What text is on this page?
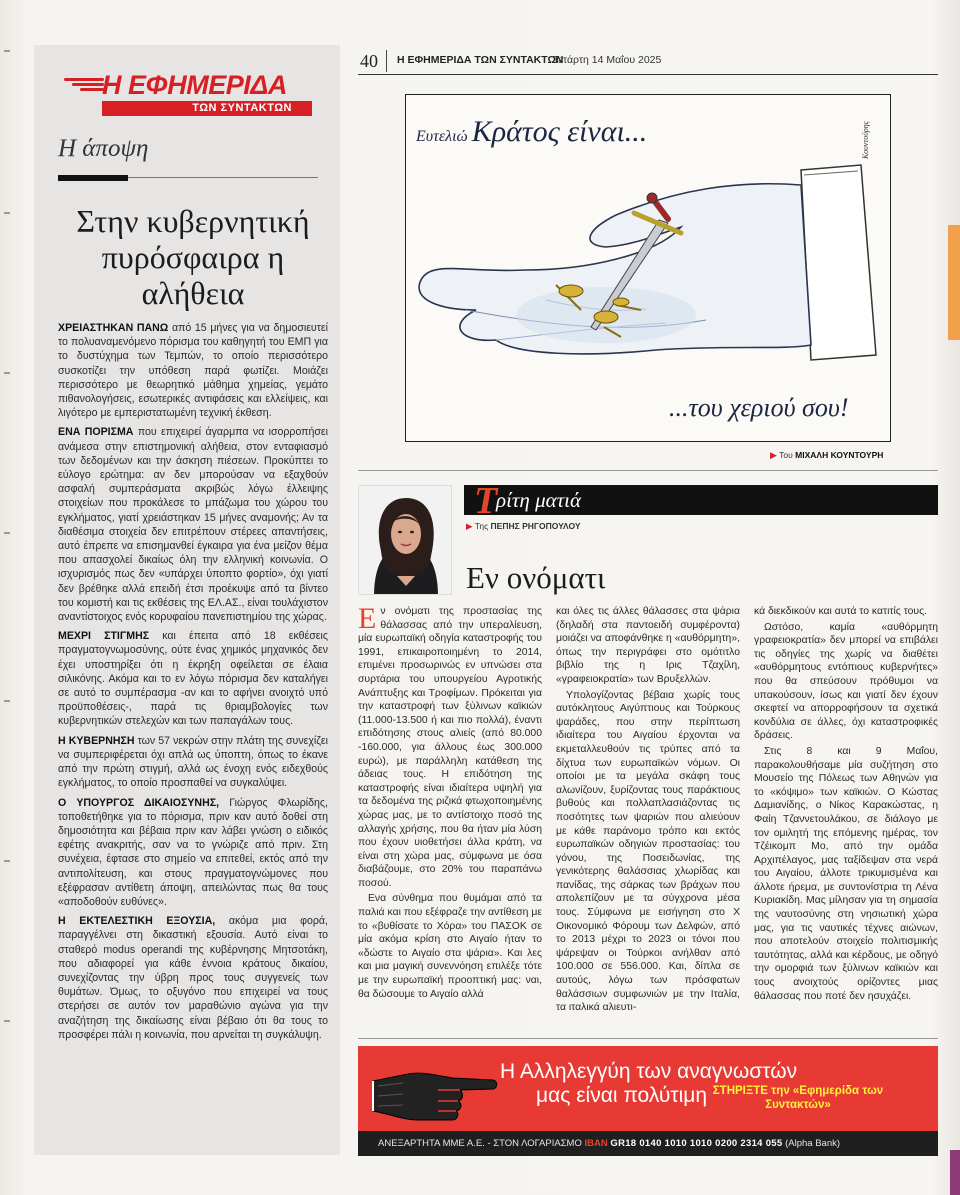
Η ΕΦΗΜΕΡΙΔΑ
ΤΩΝ ΣΥΝΤΑΚΤΩΝ
Η άποψη
Στην κυβερνητική πυρόσφαιρα η αλήθεια

ΧΡΕΙΑΣΤΗΚΑΝ ΠΑΝΩ από 15 μήνες για να δημοσιευτεί το πολυαναμενόμενο πόρισμα του καθηγητή του ΕΜΠ για το δυστύχημα των Τεμπών, το οποίο περισσότερο συσκοτίζει την υπόθεση παρά φωτίζει. Μοιάζει περισσότερο με θεωρητικό μάθημα χημείας, γεμάτο πιθανολογήσεις, εσωτερικές αντιφάσεις και ελλείψεις, και λιγότερο με εμπεριστατωμένη τεχνική έκθεση.

ΕΝΑ ΠΟΡΙΣΜΑ που επιχειρεί άγαρμπα να ισορροπήσει ανάμεσα στην επιστημονική αλήθεια, στον ενταφιασμό των δεδομένων και την άσκηση πιέσεων. Προκύπτει το εύλογο ερώτημα: αν δεν μπορούσαν να εξαχθούν ασφαλή συμπεράσματα ακριβώς λόγω έλλειψης στοιχείων που προκάλεσε το μπάζωμα του χώρου του εγκλήματος, γιατί χρειάστηκαν 15 μήνες αναμονής; Αν τα διαθέσιμα στοιχεία δεν επιτρέπουν στέρεες απαντήσεις, αυτό έπρεπε να επισημανθεί έγκαιρα για ένα μείζον θέμα που απασχολεί δικαίως όλη την ελληνική κοινωνία. Ο ισχυρισμός πως δεν «υπάρχει ύποπτο φορτίο», όχι γιατί δεν βρέθηκε αλλά επειδή έτσι προέκυψε από τα βίντεο του κομιστή και τις εκθέσεις της ΕΛ.ΑΣ., είναι τουλάχιστον αναντίστοιχος ενός κορυφαίου πανεπιστημίου της χώρας.

ΜΕΧΡΙ ΣΤΙΓΜΗΣ και έπειτα από 18 εκθέσεις πραγματογνωμοσύνης, ούτε ένας χημικός μηχανικός δεν έχει υποστηρίξει ότι η έκρηξη οφείλεται σε έλαια σιλικόνης. Ακόμα και το εν λόγω πόρισμα δεν καταλήγει σε αυτό το συμπέρασμα -αν και το αφήνει ανοιχτό υπό προϋποθέσεις-, παρά τις θριαμβολογίες των κυβερνητικών στελεχών και των παπαγάλων τους.

Η ΚΥΒΕΡΝΗΣΗ των 57 νεκρών στην πλάτη της συνεχίζει να συμπεριφέρεται όχι απλά ως ύποπτη, όπως το έκανε από την πρώτη στιγμή, αλλά ως ένοχη ενός ειδεχθούς εγκλήματος, το οποίο προσπαθεί να συγκαλύψει.

Ο ΥΠΟΥΡΓΟΣ ΔΙΚΑΙΟΣΥΝΗΣ, Γιώργος Φλωρίδης, τοποθετήθηκε για το πόρισμα, πριν καν αυτό δοθεί στη δημοσιότητα και βέβαια πριν καν λάβει γνώση ο ειδικός εφέτης ανακριτής, σαν να το γνώριζε από πριν. Στη συνέχεια, έφτασε στο σημείο να επιτεθεί, εκτός από την αντιπολίτευση, και στους πραγματογνώμονες που εξέφρασαν αντίθετη άποψη, απειλώντας πως θα τους «αποδοθούν ευθύνες».

Η ΕΚΤΕΛΕΣΤΙΚΗ ΕΞΟΥΣΙΑ, ακόμα μια φορά, παραγγέλνει στη δικαστική εξουσία. Αυτό είναι το σταθερό modus operandi της κυβέρνησης Μητσοτάκη, που αδιαφορεί για κάθε έννοια κράτους δικαίου, συνεχίζοντας την ύβρη προς τους συγγενείς των θυμάτων. Όμως, το οξυγόνο που επιχειρεί να τους στερήσει σε αυτόν τον μαραθώνιο αγώνα για την αναζήτηση της δικαίωσης είναι βέβαιο ότι θα τους το προσφέρει πάλι η κοινωνία, που αρνείται τη συγκάλυψη.

40 Η ΕΦΗΜΕΡΙΔΑ ΤΩΝ ΣΥΝΤΑΚΤΩΝ
Τετάρτη 14 Μαΐου 2025
Ευτελιώ Κράτος είναι...
...του χεριού σου!
Κουντούρης
▶ Του ΜΙΧΑΛΗ ΚΟΥΝΤΟΥΡΗ
Τ
ρίτη ματιά
▶ Της ΠΕΠΗΣ ΡΗΓΟΠΟΥΛΟΥ
Εν ονόματι

Εν ονόματι της προστασίας της θάλασσας από την υπεραλίευση, μία ευρωπαϊκή οδηγία καταστροφής του 1991, επικαιροποιημένη το 2014, επιμένει προσωρινώς εν υπνώσει στα συρτάρια του υπουργείου Αγροτικής Ανάπτυξης και Τροφίμων. Πρόκειται για την καταστροφή των ξύλινων καϊκιών (11.000-13.500 ή και πιο πολλά), έναντι επιδότησης στους αλιείς (από 80.000 -160.000, για άλλους έως 300.000 ευρώ), με παράλληλη κατάθεση της άδειας τους. Η επιδότηση της καταστροφής είναι ιδιαίτερα υψηλή για τα δεδομένα της ριζικά φτωχοποιημένης χώρας μας, με το αντίστοιχο ποσό της αλλαγής χρήσης, που θα ήταν μία λύση που έχουν υιοθετήσει άλλα κράτη, να είναι στη χώρα μας, σύμφωνα με όσα διαβάζουμε, στο 20% του παραπάνω ποσού.

Ενα σύνθημα που θυμάμαι από τα παλιά και που εξέφραζε την αντίθεση με το «βυθίσατε το Χόρα» του ΠΑΣΟΚ σε μία ακόμα κρίση στο Αιγαίο ήταν το «δώστε το Αιγαίο στα ψάρια». Και λες και μια μαγική συνεννόηση επιλέξε τότε με την ευρωπαϊκή προοπτική μας: ναι, θα δώσουμε το Αιγαίο αλλά

και όλες τις άλλες θάλασσες στα ψάρια (δηλαδή στα παντοειδή συμφέροντα) μοιάζει να αποφάνθηκε η «αυθόρμητη», όπως την περιγράφει στο ομότιτλο βιβλίο της η Ιρις Τζαχίλη, «γραφειοκρατία» των Βρυξελλών.

Υπολογίζοντας βέβαια χωρίς τους αυτόκλητους Αιγύπτιους και Τούρκους ψαράδες, που στην περίπτωση ιδιαίτερα του Αιγαίου έρχονται να εκμεταλλευθούν τις τρύπες από τα δίχτυα των ευρωπαϊκών νόμων. Οι οποίοι με τα μεγάλα σκάφη τους αλωνίζουν, ξυρίζοντας τους παράκτιους βυθούς και πολλαπλασιάζοντας τις ποσότητες των ψαριών που αλιεύουν με κάθε παράνομο τρόπο και εκτός ευρωπαϊκών οδηγιών προστασίας: του γόνου, της Ποσειδωνίας, της γενικότερης θαλάσσιας χλωρίδας και πανίδας, της σάρκας των βράχων που απολεπίζουν με τα σύγχρονα μέσα τους. Σύμφωνα με εισήγηση στο Χ Οικονομικό Φόρουμ των Δελφών, από το 2013 μέχρι το 2023 οι τόνοι που ψάρεψαν οι Τούρκοι ανήλθαν από 100.000 σε 556.000. Και, δίπλα σε αυτούς, λόγω των πρόσφατων θαλάσσιων συμφωνιών με την Ιταλία, τα ιταλικά αλιευτι-

κά διεκδικούν και αυτά το κατιτίς τους.

Ωστόσο, καμία «αυθόρμητη γραφειοκρατία» δεν μπορεί να επιβάλει τις οδηγίες της χωρίς να διαθέτει «αυθόρμητους εντόπιους κυβερνήτες» που θα σπεύσουν πρόθυμοι να υπακούσουν, ίσως και γιατί δεν έχουν σκεφτεί να απορροφήσουν τα σχετικά κονδύλια σε άλλες, όχι καταστροφικές δράσεις.

Στις 8 και 9 Μαΐου, παρακολουθήσαμε μία συζήτηση στο Μουσείο της Πόλεως των Αθηνών για το «κόψιμο» των καϊκιών. Ο Κώστας Δαμιανίδης, ο Νίκος Καρακώστας, η Φαίη Τζαννετουλάκου, σε διάλογο με τον ομιλητή της επόμενης ημέρας, τον Τζέικομπ Μο, από την ομάδα Αρχιπέλαγος, μας ταξίδεψαν στα νερά του Αιγαίου, άλλοτε τρικυμισμένα και άλλοτε ήρεμα, με συντονίστρια τη Λένα Κυριακίδη. Μας μίλησαν για τη σημασία της ναυτοσύνης στη νησιωτική χώρα μας, για τις ναυτικές τέχνες αιώνων, που αποτελούν στοιχείο πολιτισμικής ταυτότητας, αλλά και κέρδους, με οδηγό την ομορφιά των ξύλινων καϊκιών και τους ανοιχτούς ορίζοντες μιας θάλασσας που ποτέ δεν ησυχάζει.

Η Αλληλεγγύη των αναγνωστών
μας είναι πολύτιμη ΣΤΗΡΙΞΤΕ την «Εφημερίδα των Συντακτών»
ΑΝΕΞΑΡΤΗΤΑ ΜΜΕ Α.Ε. - ΣΤΟΝ ΛΟΓΑΡΙΑΣΜΟ IBAN GR18 0140 1010 1010 0200 2314 055 (Alpha Bank)
